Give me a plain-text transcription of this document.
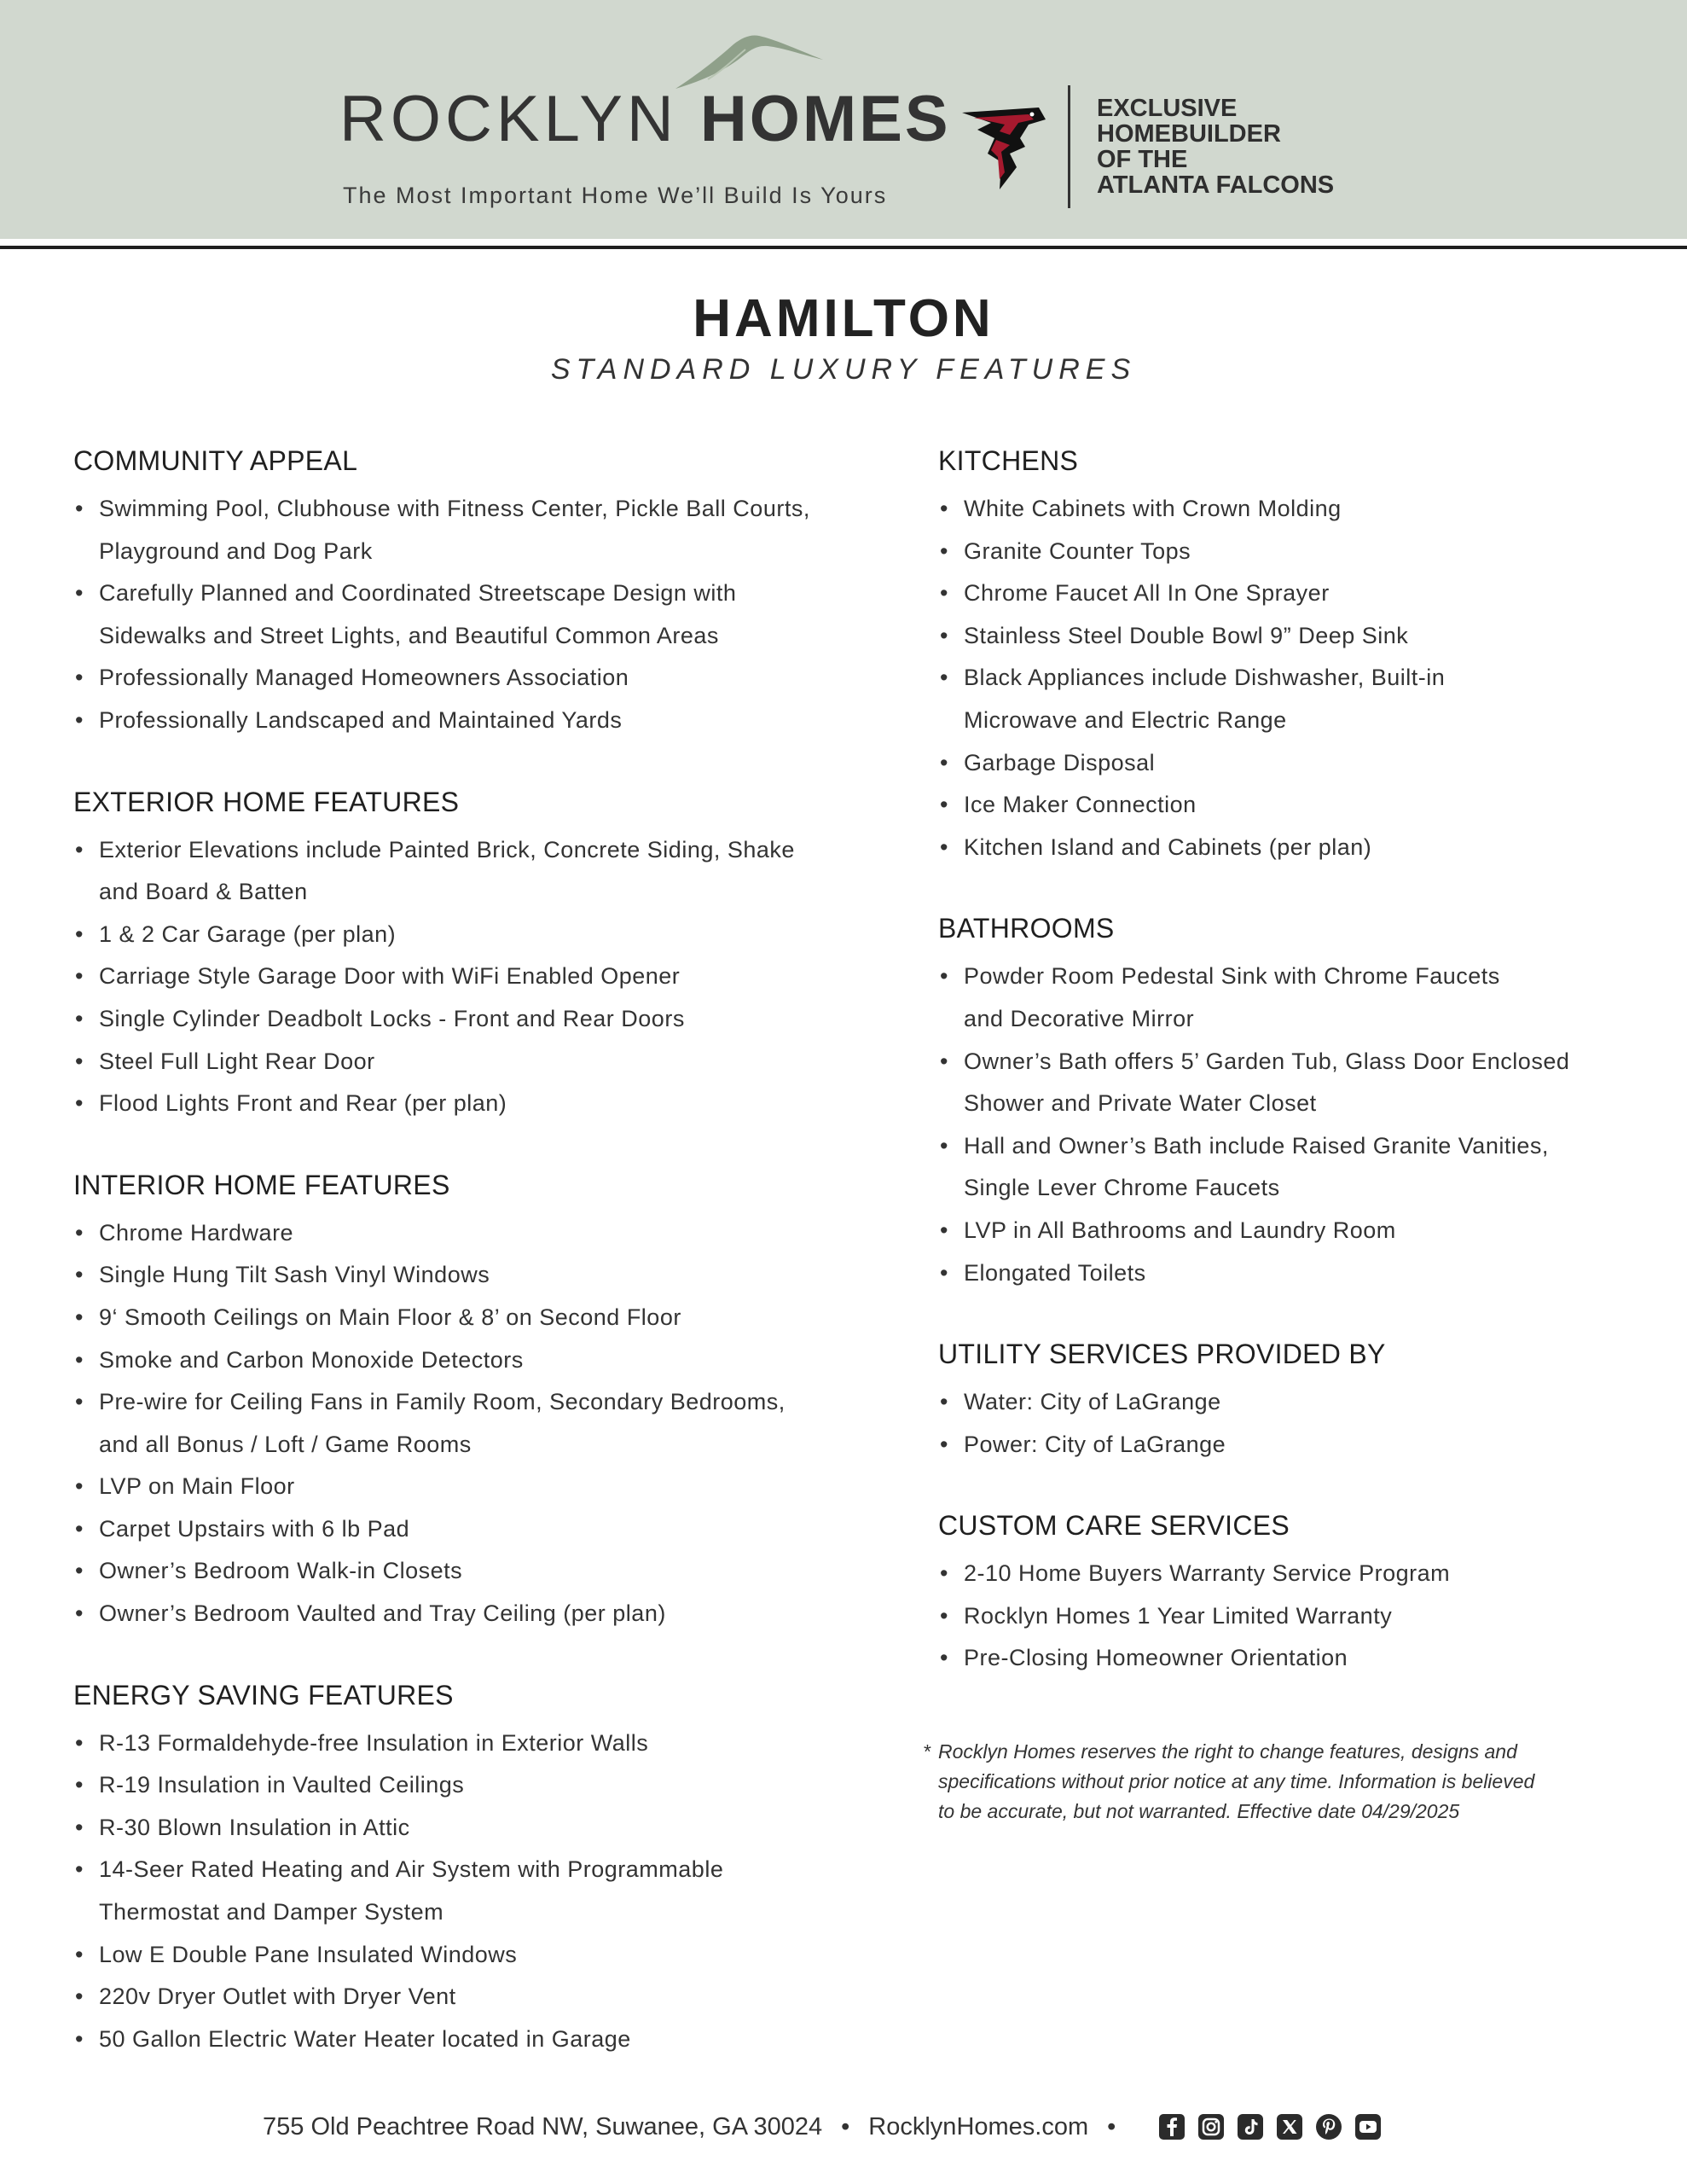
ROCKLYN HOMES
The Most Important Home We’ll Build Is Yours
EXCLUSIVE
HOMEBUILDER
OF THE
ATLANTA FALCONS
HAMILTON
STANDARD LUXURY FEATURES
COMMUNITY APPEAL
• Swimming Pool, Clubhouse with Fitness Center, Pickle Ball Courts,
Playground and Dog Park
• Carefully Planned and Coordinated Streetscape Design with
Sidewalks and Street Lights, and Beautiful Common Areas
• Professionally Managed Homeowners Association
• Professionally Landscaped and Maintained Yards
EXTERIOR HOME FEATURES
• Exterior Elevations include Painted Brick, Concrete Siding, Shake
and Board & Batten
• 1 & 2 Car Garage (per plan)
• Carriage Style Garage Door with WiFi Enabled Opener
• Single Cylinder Deadbolt Locks - Front and Rear Doors
• Steel Full Light Rear Door
• Flood Lights Front and Rear (per plan)
INTERIOR HOME FEATURES
• Chrome Hardware
• Single Hung Tilt Sash Vinyl Windows
• 9‘ Smooth Ceilings on Main Floor & 8’ on Second Floor
• Smoke and Carbon Monoxide Detectors
• Pre-wire for Ceiling Fans in Family Room, Secondary Bedrooms,
and all Bonus / Loft / Game Rooms
• LVP on Main Floor
• Carpet Upstairs with 6 lb Pad
• Owner’s Bedroom Walk-in Closets
• Owner’s Bedroom Vaulted and Tray Ceiling (per plan)
ENERGY SAVING FEATURES
• R-13 Formaldehyde-free Insulation in Exterior Walls
• R-19 Insulation in Vaulted Ceilings
• R-30 Blown Insulation in Attic
• 14-Seer Rated Heating and Air System with Programmable
Thermostat and Damper System
• Low E Double Pane Insulated Windows
• 220v Dryer Outlet with Dryer Vent
• 50 Gallon Electric Water Heater located in Garage
KITCHENS
• White Cabinets with Crown Molding
• Granite Counter Tops
• Chrome Faucet All In One Sprayer
• Stainless Steel Double Bowl 9” Deep Sink
• Black Appliances include Dishwasher, Built-in
Microwave and Electric Range
• Garbage Disposal
• Ice Maker Connection
• Kitchen Island and Cabinets (per plan)
BATHROOMS
• Powder Room Pedestal Sink with Chrome Faucets
and Decorative Mirror
• Owner’s Bath offers 5’ Garden Tub, Glass Door Enclosed
Shower and Private Water Closet
• Hall and Owner’s Bath include Raised Granite Vanities,
Single Lever Chrome Faucets
• LVP in All Bathrooms and Laundry Room
• Elongated Toilets
UTILITY SERVICES PROVIDED BY
• Water: City of LaGrange
• Power: City of LaGrange
CUSTOM CARE SERVICES
• 2-10 Home Buyers Warranty Service Program
• Rocklyn Homes 1 Year Limited Warranty
• Pre-Closing Homeowner Orientation
* Rocklyn Homes reserves the right to change features, designs and
specifications without prior notice at any time. Information is believed
to be accurate, but not warranted. Effective date 04/29/2025
755 Old Peachtree Road NW, Suwanee, GA 30024 • RocklynHomes.com •
